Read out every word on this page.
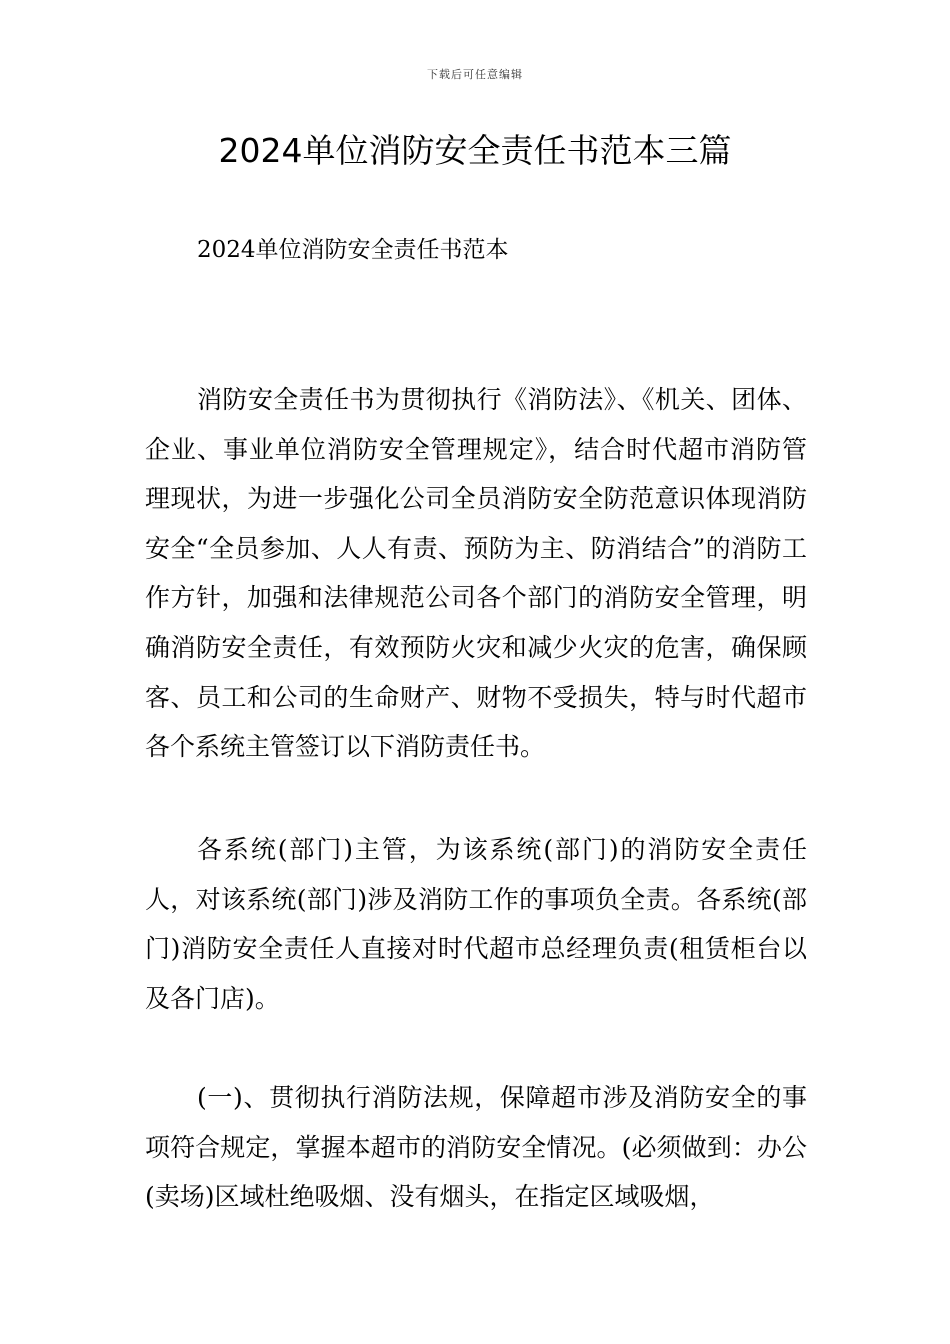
下载后可任意编辑
2024单位消防安全责任书范本三篇

2024单位消防安全责任书范本

消防安全责任书为贯彻执行《消防法》、《机关、团体、企业、事业单位消防安全管理规定》，结合时代超市消防管理现状，为进一步强化公司全员消防安全防范意识体现消防安全“全员参加、人人有责、预防为主、防消结合”的消防工作方针，加强和法律规范公司各个部门的消防安全管理，明确消防安全责任，有效预防火灾和减少火灾的危害，确保顾客、员工和公司的生命财产、财物不受损失，特与时代超市各个系统主管签订以下消防责任书。

各系统(部门)主管，为该系统(部门)的消防安全责任人，对该系统(部门)涉及消防工作的事项负全责。各系统(部门)消防安全责任人直接对时代超市总经理负责(租赁柜台以及各门店)。

(一)、贯彻执行消防法规，保障超市涉及消防安全的事项符合规定，掌握本超市的消防安全情况。(必须做到：办公(卖场)区域杜绝吸烟、没有烟头，在指定区域吸烟，
